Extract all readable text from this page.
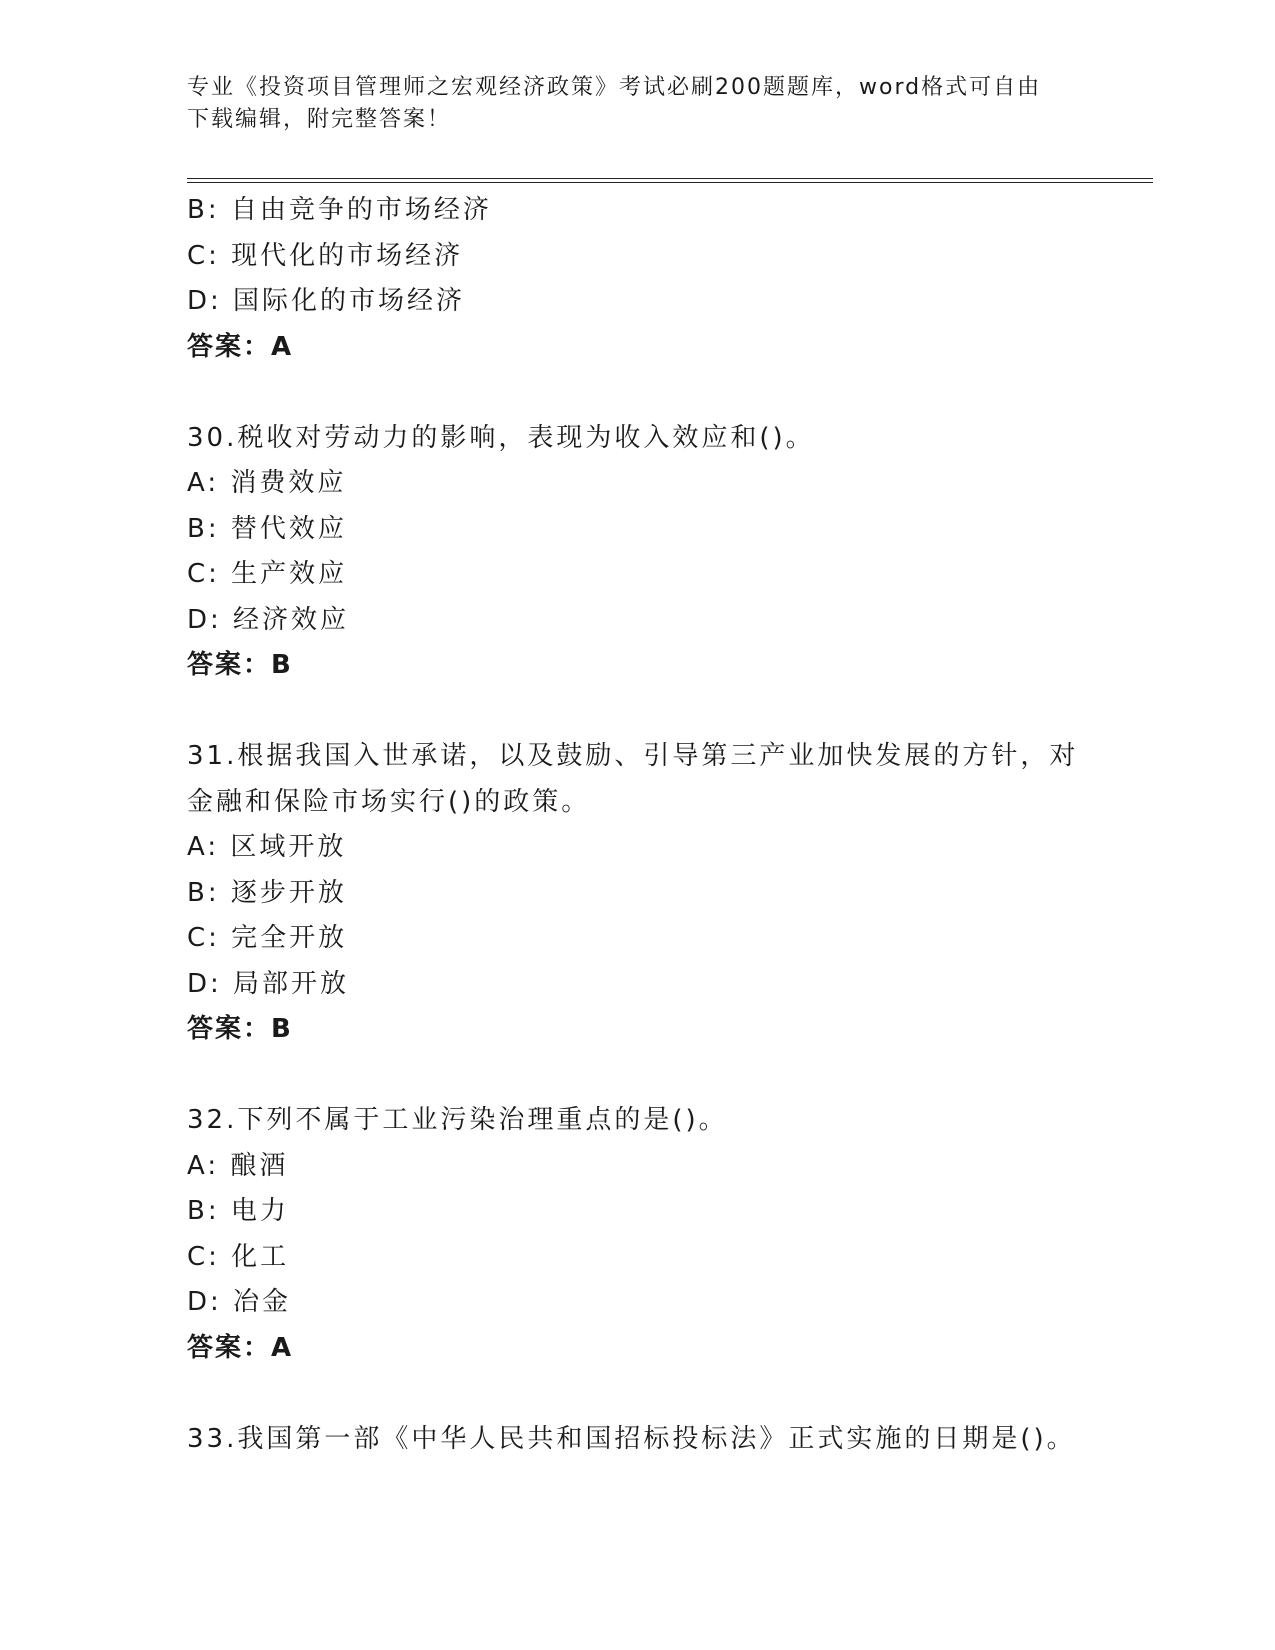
专业《投资项目管理师之宏观经济政策》考试必刷200题题库，word格式可自由
下载编辑，附完整答案！
B: 自由竞争的市场经济
C: 现代化的市场经济
D: 国际化的市场经济
答案：A
30.税收对劳动力的影响，表现为收入效应和()。
A: 消费效应
B: 替代效应
C: 生产效应
D: 经济效应
答案：B
31.根据我国入世承诺，以及鼓励、引导第三产业加快发展的方针，对
金融和保险市场实行()的政策。
A: 区域开放
B: 逐步开放
C: 完全开放
D: 局部开放
答案：B
32.下列不属于工业污染治理重点的是()。
A: 酿酒
B: 电力
C: 化工
D: 冶金
答案：A
33.我国第一部《中华人民共和国招标投标法》正式实施的日期是()。
